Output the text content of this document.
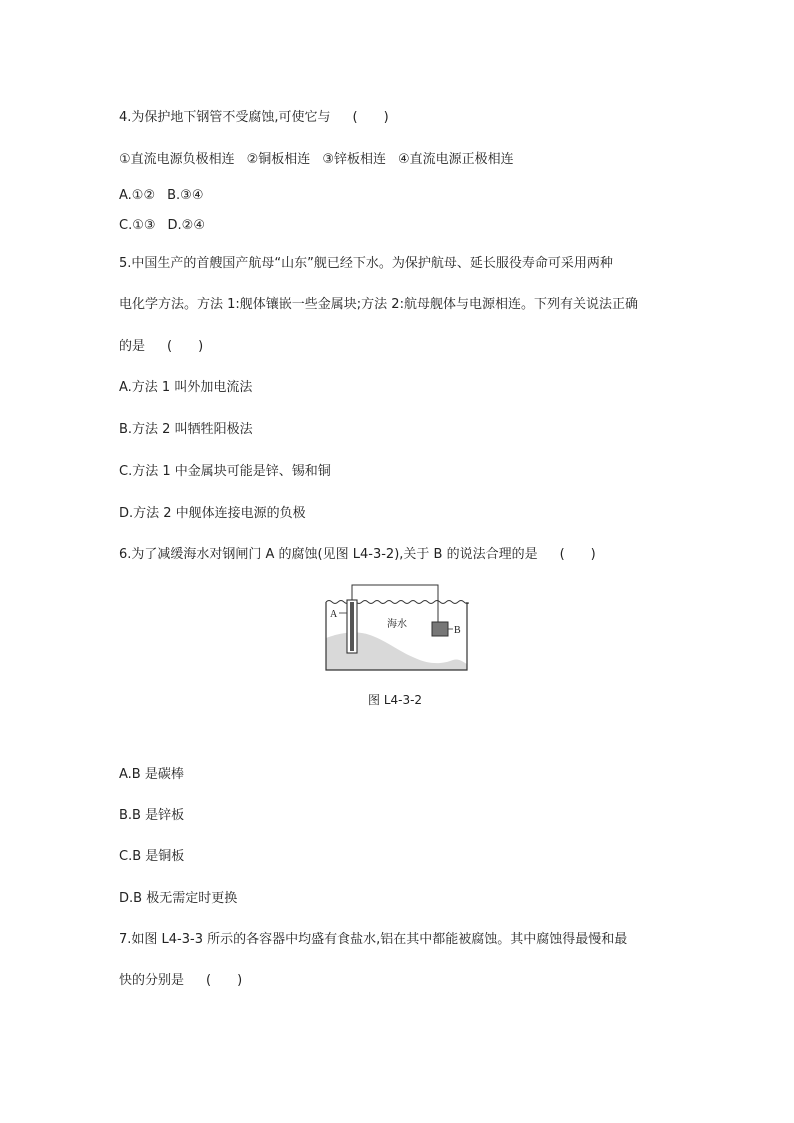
4.为保护地下钢管不受腐蚀,可使它与 (　　)
①直流电源负极相连 ②铜板相连 ③锌板相连 ④直流电源正极相连
A.①② B.③④
C.①③ D.②④
5.中国生产的首艘国产航母“山东”舰已经下水。为保护航母、延长服役寿命可采用两种
电化学方法。方法 1:舰体镶嵌一些金属块;方法 2:航母舰体与电源相连。下列有关说法正确
的是 (　　)
A.方法 1 叫外加电流法
B.方法 2 叫牺牲阳极法
C.方法 1 中金属块可能是锌、锡和铜
D.方法 2 中舰体连接电源的负极
6.为了减缓海水对钢闸门 A 的腐蚀(见图 L4-3-2),关于 B 的说法合理的是 (　　)
A
B
海水
图 L4-3-2
A.B 是碳棒
B.B 是锌板
C.B 是铜板
D.B 极无需定时更换
7.如图 L4-3-3 所示的各容器中均盛有食盐水,铝在其中都能被腐蚀。其中腐蚀得最慢和最
快的分别是 (　　)
